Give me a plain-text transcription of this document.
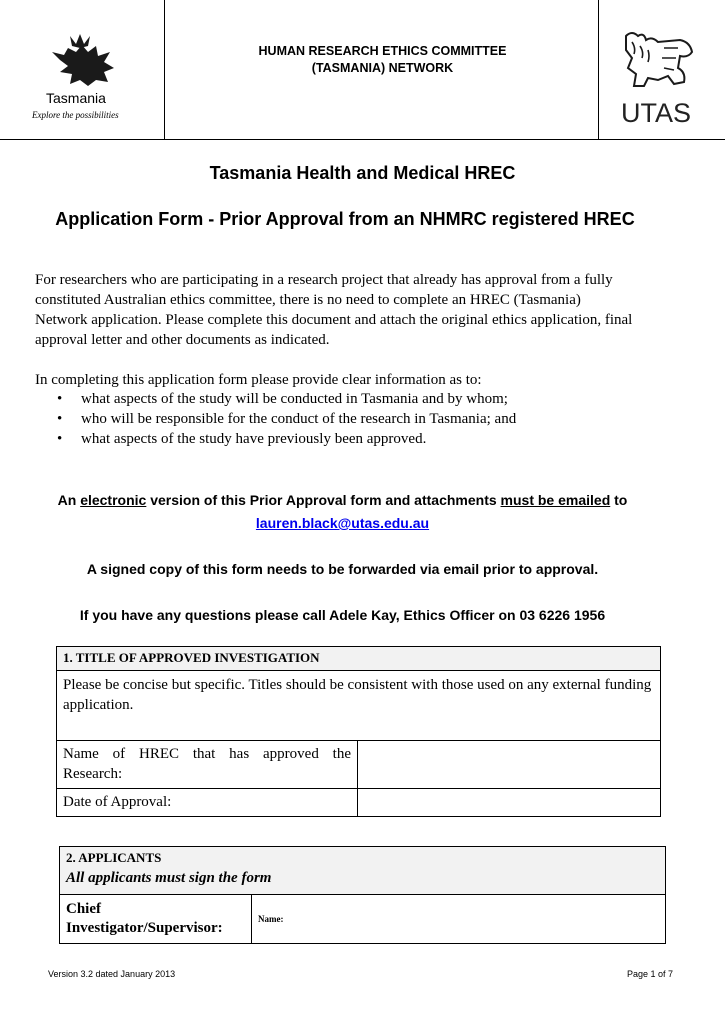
Tasmania
Explore the possibilities
HUMAN RESEARCH ETHICS COMMITTEE
(TASMANIA) NETWORK
UTAS
Tasmania Health and Medical HREC
Application Form - Prior Approval from an NHMRC registered HREC
For researchers who are participating in a research project that already has approval from a fully constituted Australian ethics committee, there is no need to complete an HREC (Tasmania) Network application. Please complete this document and attach the original ethics application, final approval letter and other documents as indicated.
In completing this application form please provide clear information as to:
• what aspects of the study will be conducted in Tasmania and by whom;
• who will be responsible for the conduct of the research in Tasmania; and
• what aspects of the study have previously been approved.
An electronic version of this Prior Approval form and attachments must be emailed to
lauren.black@utas.edu.au
A signed copy of this form needs to be forwarded via email prior to approval.
If you have any questions please call Adele Kay, Ethics Officer on 03 6226 1956
1. TITLE OF APPROVED INVESTIGATION	
Please be concise but specific. Titles should be consistent with those used on any external funding application.	
Name of HREC that has approved the Research:	
Date of Approval:	
2. APPLICANTS
All applicants must sign the form

Chief Investigator/Supervisor:	Name:
Version 3.2 dated January 2013	Page 1 of 7
